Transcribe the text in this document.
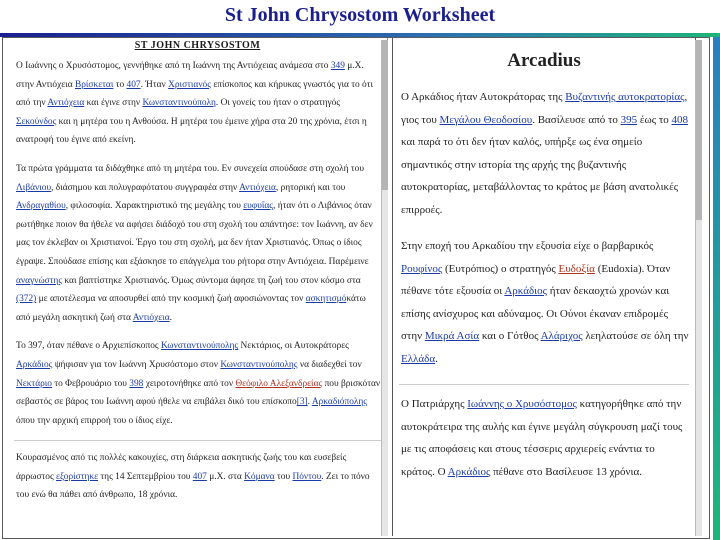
St John Chrysostom Worksheet
ST JOHN CHRYSOSTOM

Ο Ιωάννης ο Χρυσόστομος, γεννήθηκε από τη Ιωάννη της Αντιόχειας ανάμεσα στο 349 μ.Χ. στην Αντιόχεια Βρίσκεται το 407. Ήταν Χριστιανός επίσκοπος και κήρυκας γνωστός για το ότι από την Αντιόχεια και έγινε στην Κωνσταντινούπολη. Οι γονείς του ήταν ο στρατηγός Σεκούνδος και η μητέρα του η Ανθούσα. Η μητέρα του έμεινε χήρα στα 20 της χρόνια, έτσι η ανατροφή του έγινε από εκείνη.

Τα πρώτα γράμματα τα διδάχθηκε από τη μητέρα του. Εν συνεχεία σπούδασε στη σχολή του Λιβάνιου, διάσημου και πολυγραφότατου συγγραφέα στην Αντιόχεια, ρητορική και του Ανδραγαθίου, φιλοσοφία. Χαρακτηριστικό της μεγάλης του ευφυΐας, ήταν ότι ο Λιβάνιος όταν ρωτήθηκε ποιον θα ήθελε να αφήσει διάδοχό του στη σχολή του απάντησε: τον Ιωάννη, αν δεν μας τον έκλεβαν οι Χριστιανοί. Έργο του στη σχολή, μα δεν ήταν Χριστιανός. Όπως ο ίδιος έγραψε. Σπούδασε επίσης και εξάσκησε το επάγγελμα του ρήτορα στην Αντιόχεια. Παρέμεινε αναγνώστης και βαπτίστηκε Χριστιανός. Όμως σύντομα άφησε τη ζωή του στον κόσμο στα (372) με αποτέλεσμα να αποσυρθεί από την κοσμική ζωή αφοσιώνοντας τον ασκητισμόκάτω από μεγάλη ασκητική ζωή στα Αντιόχεια.

Το 397, όταν πέθανε ο Αρχιεπίσκοπος Κωνσταντινούπολης Νεκτάριος, οι Αυτοκράτορες Αρκάδιος ψήφισαν για τον Ιωάννη Χρυσόστομο στον Κωνσταντινούπολης να διαδεχθεί τον Νεκτάριο το Φεβρουάριο του 398 χειροτονήθηκε από τον Θεόφιλο Αλεξανδρείας που βρισκόταν σεβαστός σε βάρος του Ιωάννη αφού ήθελε να επιβάλει δικό του επίσκοπο[3]. Αρκαδιόπολης όπου την αρχική επιρροή του ο ίδιος είχε.

Κουρασμένος από τις πολλές κακουχίες, στη διάρκεια ασκητικής ζωής του και ευσεβείς άρρωστος εξορίστηκε της 14 Σεπτεμβρίου του 407 μ.Χ. στα Κόμανα του Πόντου. Ζει το πόνο του ενώ θα πάθει από άνθρωπο, 18 χρόνια.

Arcadius

Ο Αρκάδιος ήταν Αυτοκράτορας της Βυζαντινής αυτοκρατορίας, γιος του Μεγάλου Θεοδοσίου. Βασίλευσε από το 395 έως το 408 και παρά το ότι δεν ήταν καλός, υπήρξε ως ένα σημείο σημαντικός στην ιστορία της αρχής της βυζαντινής αυτοκρατορίας, μεταβάλλοντας το κράτος με βάση ανατολικές επιρροές.

Στην εποχή του Αρκαδίου την εξουσία είχε ο βαρβαρικός Ρουφίνος (Ευτρόπιος) ο στρατηγός Ευδοξία (Eudoxia). Όταν πέθανε τότε εξουσία οι Αρκάδιος ήταν δεκαοχτώ χρονών και επίσης ανίσχυρος και αδύναμος. Οι Ούνοι έκαναν επιδρομές στην Μικρά Ασία και ο Γότθος Αλάριχος λεηλατούσε σε όλη την Ελλάδα.

Ο Πατριάρχης Ιωάννης ο Χρυσόστομος κατηγορήθηκε από την αυτοκράτειρα της αυλής και έγινε μεγάλη σύγκρουση μαζί τους με τις αποφάσεις και στους τέσσερις αρχιερείς ενάντια το κράτος. Ο Αρκάδιος πέθανε στο Βασίλευσε 13 χρόνια.
